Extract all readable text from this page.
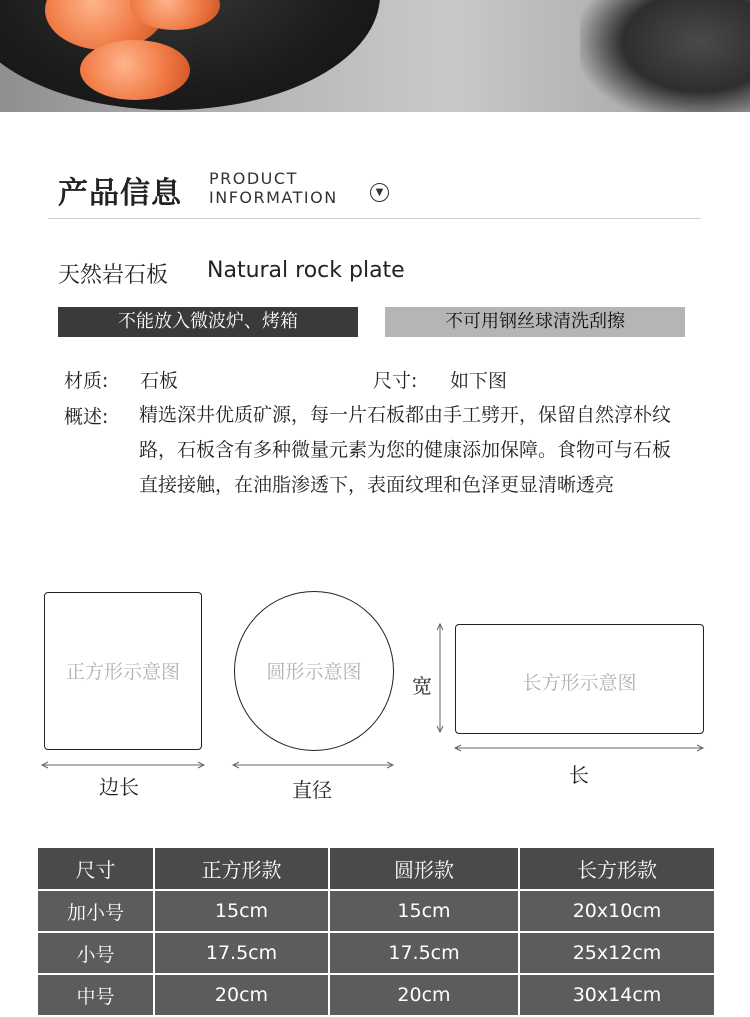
产品信息 PRODUCT
INFORMATION	▼
天然岩石板 Natural rock plate
不能放入微波炉、烤箱	不可用钢丝球清洗刮擦
材质: 石板	尺寸: 如下图
概述: 精选深井优质矿源，每一片石板都由手工劈开，保留自然淳朴纹路，石板含有多种微量元素为您的健康添加保障。食物可与石板直接接触，在油脂渗透下，表面纹理和色泽更显清晰透亮
正方形示意图	圆形示意图	长方形示意图
边长	直径
宽
长
尺寸	正方形款	圆形款	长方形款
加小号	15cm	15cm	20x10cm
小号	17.5cm	17.5cm	25x12cm
中号	20cm	20cm	30x14cm
